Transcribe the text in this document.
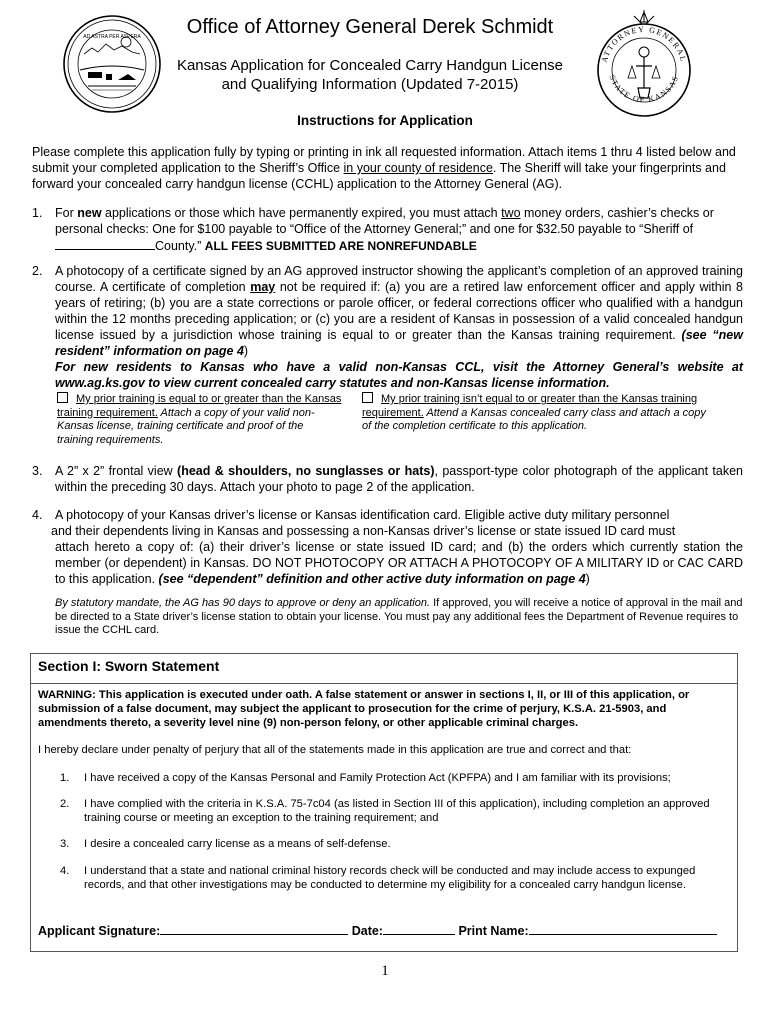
AD ASTRA PER ASPERA
ATTORNEY GENERAL
STATE OF KANSAS
Office of Attorney General Derek Schmidt
Kansas Application for Concealed Carry Handgun License
and Qualifying Information (Updated 7-2015)
Instructions for Application
Please complete this application fully by typing or printing in ink all requested information. Attach items 1 thru 4 listed below and submit your completed application to the Sheriff’s Office in your county of residence. The Sheriff will take your fingerprints and forward your concealed carry handgun license (CCHL) application to the Attorney General (AG).
1. For new applications or those which have permanently expired, you must attach two money orders, cashier’s checks or personal checks: One for $100 payable to “Office of the Attorney General;” and one for $32.50 payable to “Sheriff of County.” ALL FEES SUBMITTED ARE NONREFUNDABLE
2. A photocopy of a certificate signed by an AG approved instructor showing the applicant’s completion of an approved training course. A certificate of completion may not be required if: (a) you are a retired law enforcement officer and apply within 8 years of retiring; (b) you are a state corrections or parole officer, or federal corrections officer who qualified with a handgun within the 12 months preceding application; or (c) you are a resident of Kansas in possession of a valid concealed handgun license issued by a jurisdiction whose training is equal to or greater than the Kansas training requirement. (see “new resident” information on page 4)
For new residents to Kansas who have a valid non-Kansas CCL, visit the Attorney General’s website at www.ag.ks.gov to view current concealed carry statutes and non-Kansas license information.
My prior training is equal to or greater than the Kansas training requirement. Attach a copy of your valid non-Kansas license, training certificate and proof of the training requirements.
My prior training isn’t equal to or greater than the Kansas training requirement. Attend a Kansas concealed carry class and attach a copy of the completion certificate to this application.
3. A 2” x 2” frontal view (head & shoulders, no sunglasses or hats), passport-type color photograph of the applicant taken within the preceding 30 days. Attach your photo to page 2 of the application.
4. A photocopy of your Kansas driver’s license or Kansas identification card. Eligible active duty military personnel
and their dependents living in Kansas and possessing a non-Kansas driver’s license or state issued ID card must
attach hereto a copy of: (a) their driver’s license or state issued ID card; and (b) the orders which currently station the member (or dependent) in Kansas. DO NOT PHOTOCOPY OR ATTACH A PHOTOCOPY OF A MILITARY ID or CAC CARD to this application. (see “dependent” definition and other active duty information on page 4)
By statutory mandate, the AG has 90 days to approve or deny an application. If approved, you will receive a notice of approval in the mail and be directed to a State driver’s license station to obtain your license. You must pay any additional fees the Department of Revenue requires to issue the CCHL card.
Section I: Sworn Statement
WARNING: This application is executed under oath. A false statement or answer in sections I, II, or III of this application, or submission of a false document, may subject the applicant to prosecution for the crime of perjury, K.S.A. 21-5903, and amendments thereto, a severity level nine (9) non-person felony, or other applicable criminal charges.
I hereby declare under penalty of perjury that all of the statements made in this application are true and correct and that:
1. I have received a copy of the Kansas Personal and Family Protection Act (KPFPA) and I am familiar with its provisions;
2. I have complied with the criteria in K.S.A. 75-7c04 (as listed in Section III of this application), including completion an approved training course or meeting an exception to the training requirement; and
3. I desire a concealed carry license as a means of self-defense.
4. I understand that a state and national criminal history records check will be conducted and may include access to expunged records, and that other investigations may be conducted to determine my eligibility for a concealed carry handgun license.
Applicant Signature:	Date:	Print Name:
1
